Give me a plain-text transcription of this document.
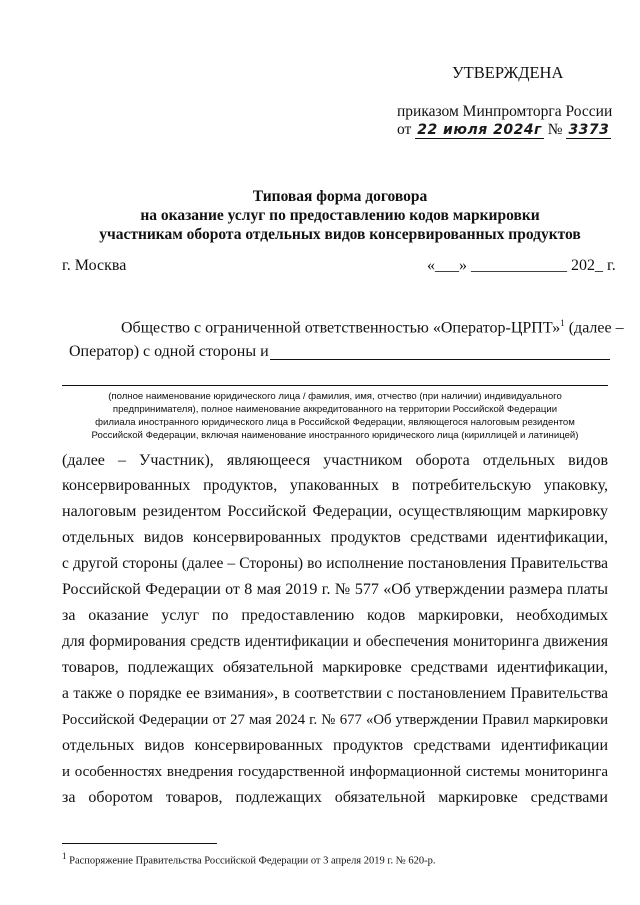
УТВЕРЖДЕНА
приказом Минпромторга России
от 22 июля 2024г № 3373
Типовая форма договора
на оказание услуг по предоставлению кодов маркировки
участникам оборота отдельных видов консервированных продуктов
г. Москва	«___» ____________ 202_ г.
Общество с ограниченной ответственностью «Оператор-ЦРПТ»$^1$ (далее –
Оператор) с одной стороны и
(полное наименование юридического лица / фамилия, имя, отчество (при наличии) индивидуального
предпринимателя), полное наименование аккредитованного на территории Российской Федерации
филиала иностранного юридического лица в Российской Федерации, являющегося налоговым резидентом
Российской Федерации, включая наименование иностранного юридического лица (кириллицей и латиницей)
(далее – Участник), являющееся участником оборота отдельных видов
консервированных продуктов, упакованных в потребительскую упаковку,
налоговым резидентом Российской Федерации, осуществляющим маркировку
отдельных видов консервированных продуктов средствами идентификации,
с другой стороны (далее – Стороны) во исполнение постановления Правительства
Российской Федерации от 8 мая 2019 г. № 577 «Об утверждении размера платы
за оказание услуг по предоставлению кодов маркировки, необходимых
для формирования средств идентификации и обеспечения мониторинга движения
товаров, подлежащих обязательной маркировке средствами идентификации,
а также о порядке ее взимания», в соответствии с постановлением Правительства
Российской Федерации от 27 мая 2024 г. № 677 «Об утверждении Правил маркировки
отдельных видов консервированных продуктов средствами идентификации
и особенностях внедрения государственной информационной системы мониторинга
за оборотом товаров, подлежащих обязательной маркировке средствами
$^1$ Распоряжение Правительства Российской Федерации от 3 апреля 2019 г. № 620-р.
